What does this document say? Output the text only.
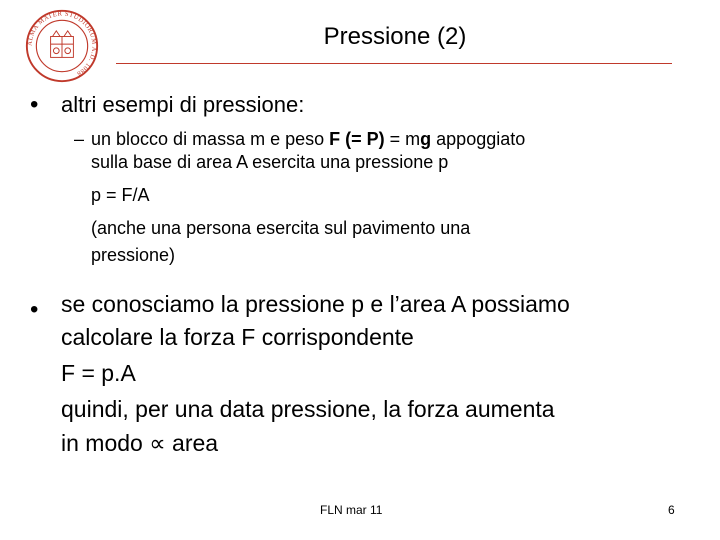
ALMA MATER STUDIORUM A.D. 1088
Pressione (2)
• altri esempi di pressione:
– un blocco di massa m e peso F (= P) = mg appoggiato
sulla base di area A esercita una pressione p
p = F/A
(anche una persona esercita sul pavimento una
pressione)
• se conosciamo la pressione p e l’area A possiamo
calcolare la forza F corrispondente
F = p.A
quindi, per una data pressione, la forza aumenta
in modo ∝ area
FLN mar 11	6
